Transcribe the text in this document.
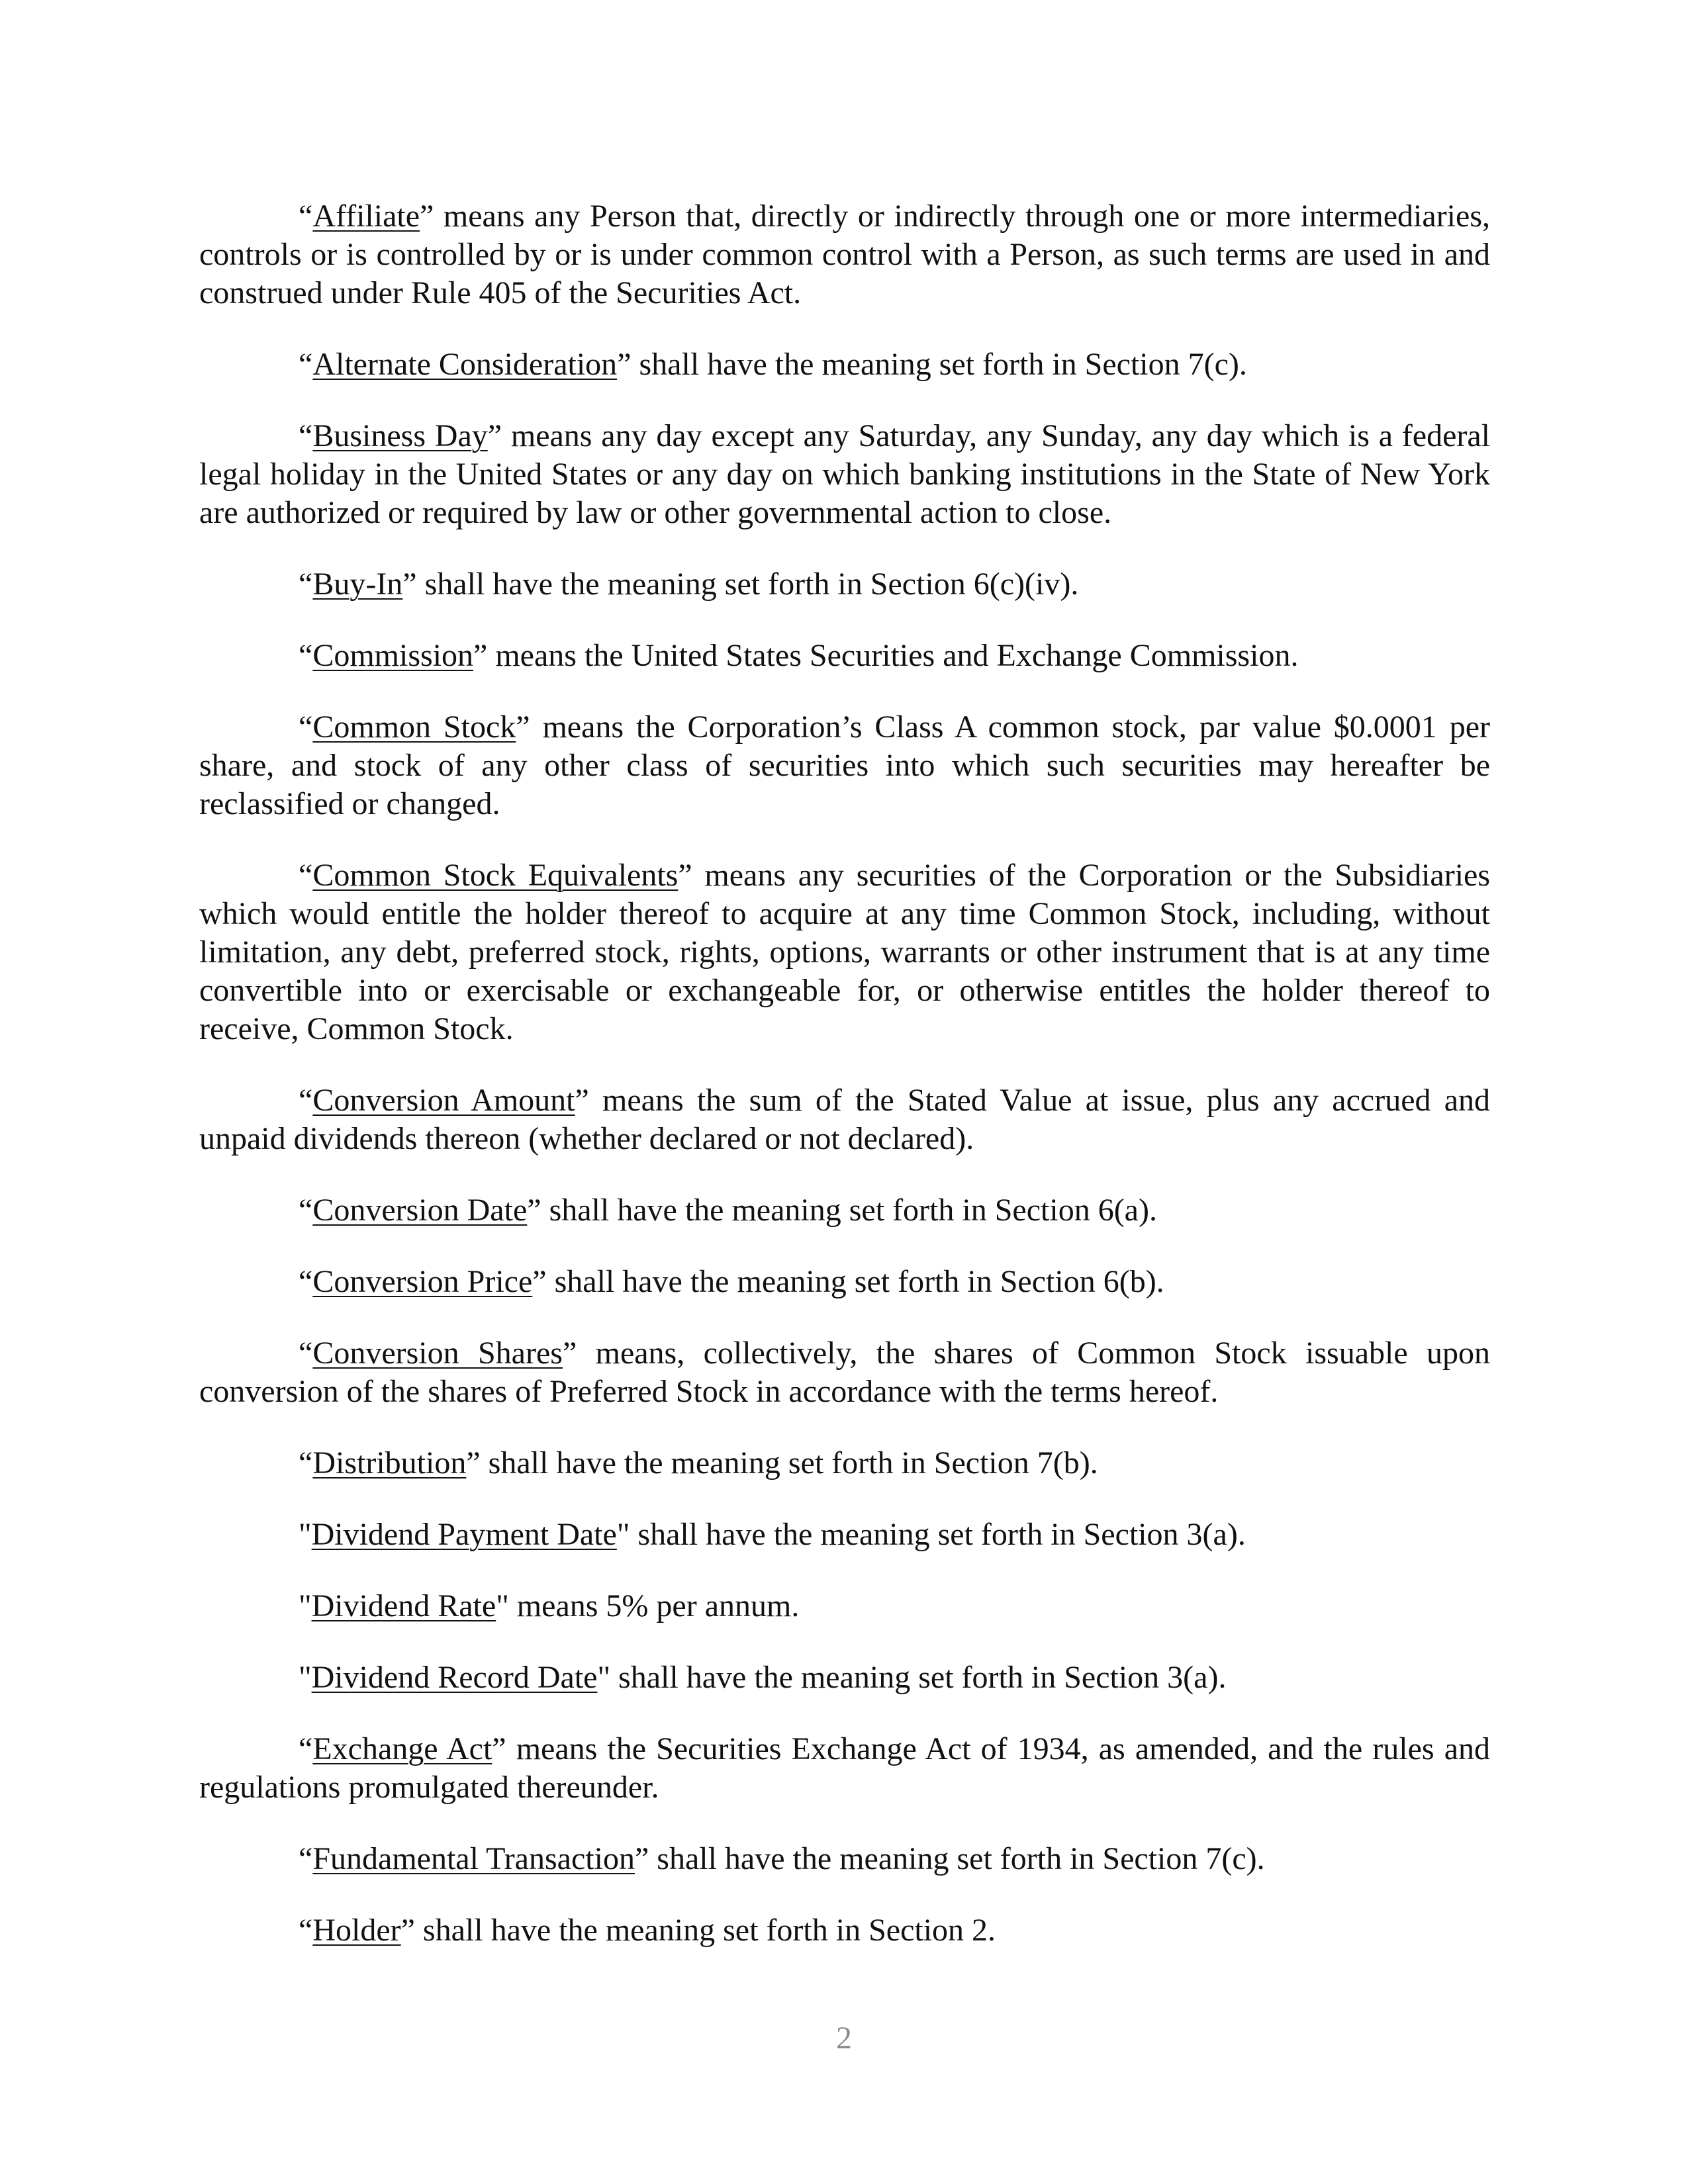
“Affiliate” means any Person that, directly or indirectly through one or more intermediaries, controls or is controlled by or is under common control with a Person, as such terms are used in and construed under Rule 405 of the Securities Act.

“Alternate Consideration” shall have the meaning set forth in Section 7(c).

“Business Day” means any day except any Saturday, any Sunday, any day which is a federal legal holiday in the United States or any day on which banking institutions in the State of New York are authorized or required by law or other governmental action to close.

“Buy-In” shall have the meaning set forth in Section 6(c)(iv).

“Commission” means the United States Securities and Exchange Commission.

“Common Stock” means the Corporation’s Class A common stock, par value $0.0001 per share, and stock of any other class of securities into which such securities may hereafter be reclassified or changed.

“Common Stock Equivalents” means any securities of the Corporation or the Subsidiaries which would entitle the holder thereof to acquire at any time Common Stock, including, without limitation, any debt, preferred stock, rights, options, warrants or other instrument that is at any time convertible into or exercisable or exchangeable for, or otherwise entitles the holder thereof to receive, Common Stock.

“Conversion Amount” means the sum of the Stated Value at issue, plus any accrued and unpaid dividends thereon (whether declared or not declared).

“Conversion Date” shall have the meaning set forth in Section 6(a).

“Conversion Price” shall have the meaning set forth in Section 6(b).

“Conversion Shares” means, collectively, the shares of Common Stock issuable upon conversion of the shares of Preferred Stock in accordance with the terms hereof.

“Distribution” shall have the meaning set forth in Section 7(b).

"Dividend Payment Date" shall have the meaning set forth in Section 3(a).

"Dividend Rate" means 5% per annum.

"Dividend Record Date" shall have the meaning set forth in Section 3(a).

“Exchange Act” means the Securities Exchange Act of 1934, as amended, and the rules and regulations promulgated thereunder.

“Fundamental Transaction” shall have the meaning set forth in Section 7(c).

“Holder” shall have the meaning set forth in Section 2.

2
